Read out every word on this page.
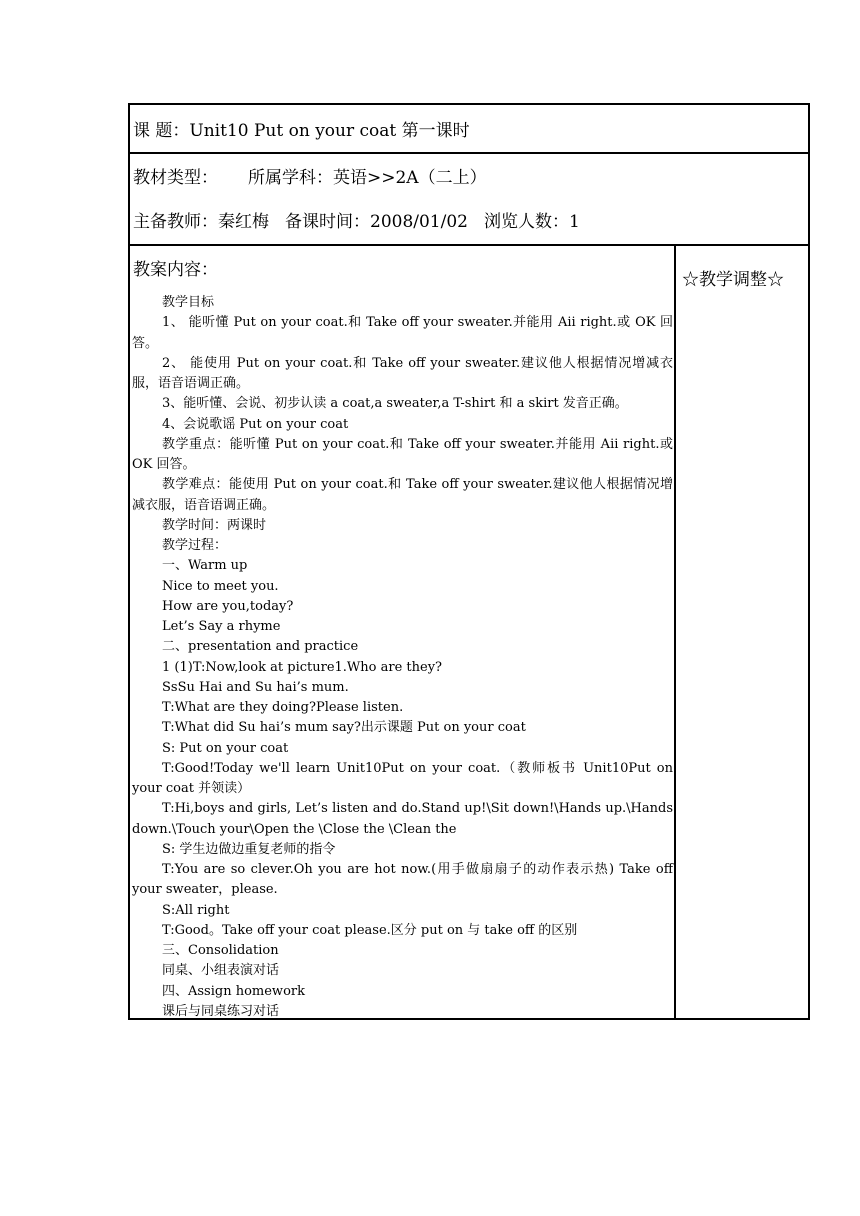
课 题：Unit10 Put on your coat 第一课时
教材类型： 所属学科：英语>>2A（二上）
主备教师：秦红梅 备课时间：2008/01/02 浏览人数：1
教案内容：
教学目标
1、 能听懂 Put on your coat.和 Take off your sweater.并能用 Aii right.或 OK 回答。
2、 能使用 Put on your coat.和 Take off your sweater.建议他人根据情况增减衣服，语音语调正确。
3、能听懂、会说、初步认读 a coat,a sweater,a T-shirt 和 a skirt 发音正确。
4、会说歌谣 Put on your coat
教学重点：能听懂 Put on your coat.和 Take off your sweater.并能用 Aii right.或 OK 回答。
教学难点：能使用 Put on your coat.和 Take off your sweater.建议他人根据情况增减衣服，语音语调正确。
教学时间：两课时
教学过程：
一、Warm up
Nice to meet you.
How are you,today?
Let’s Say a rhyme
二、presentation and practice
1 (1)T:Now,look at picture1.Who are they?
SsSu Hai and Su hai’s mum.
T:What are they doing?Please listen.
T:What did Su hai’s mum say?出示课题 Put on your coat
S: Put on your coat
T:Good!Today we'll learn Unit10Put on your coat.（教师板书 Unit10Put on your coat 并领读）
T:Hi,boys and girls, Let’s listen and do.Stand up!\Sit down!\Hands up.\Hands down.\Touch your\Open the \Close the \Clean the
S: 学生边做边重复老师的指令
T:You are so clever.Oh you are hot now.(用手做扇扇子的动作表示热) Take off your sweater，please.
S:All right
T:Good。Take off your coat please.区分 put on 与 take off 的区别
三、Consolidation
同桌、小组表演对话
四、Assign homework
课后与同桌练习对话
☆教学调整☆
